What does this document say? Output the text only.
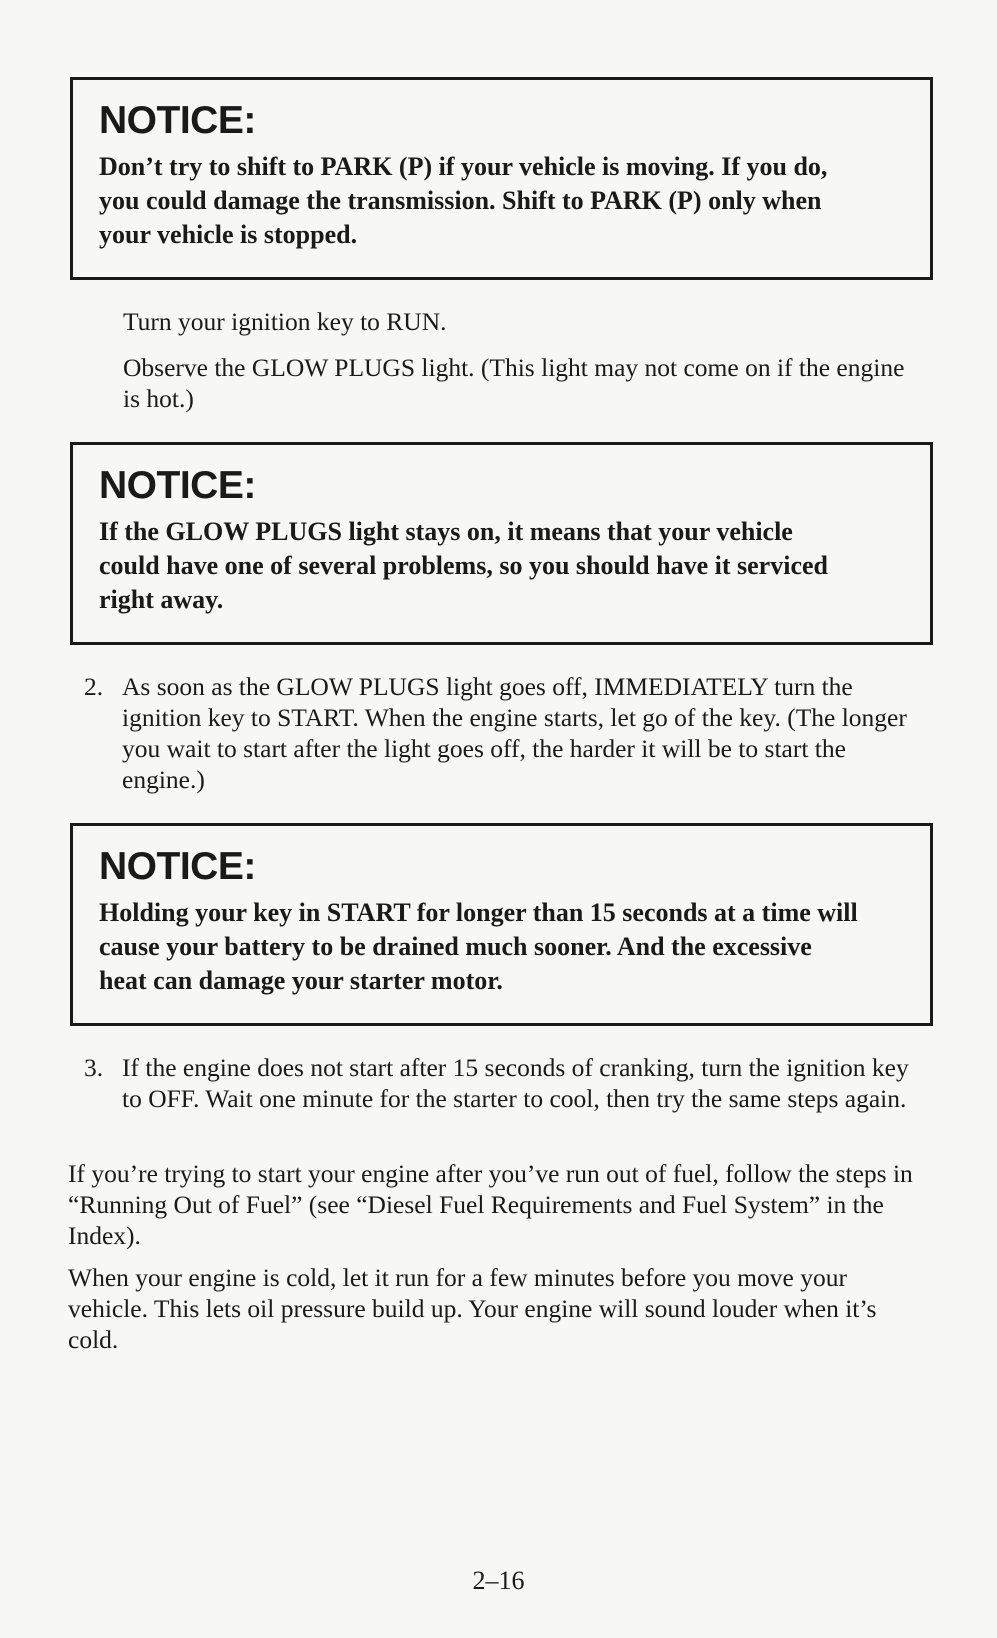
NOTICE:

Don’t try to shift to PARK (P) if your vehicle is moving. If you do, you could damage the transmission. Shift to PARK (P) only when your vehicle is stopped.

Turn your ignition key to RUN.

Observe the GLOW PLUGS light. (This light may not come on if the engine is hot.)

NOTICE:

If the GLOW PLUGS light stays on, it means that your vehicle could have one of several problems, so you should have it serviced right away.

2. As soon as the GLOW PLUGS light goes off, IMMEDIATELY turn the ignition key to START. When the engine starts, let go of the key. (The longer you wait to start after the light goes off, the harder it will be to start the engine.)
NOTICE:

Holding your key in START for longer than 15 seconds at a time will cause your battery to be drained much sooner. And the excessive heat can damage your starter motor.

3. If the engine does not start after 15 seconds of cranking, turn the ignition key to OFF. Wait one minute for the starter to cool, then try the same steps again.

If you’re trying to start your engine after you’ve run out of fuel, follow the steps in “Running Out of Fuel” (see “Diesel Fuel Requirements and Fuel System” in the Index).

When your engine is cold, let it run for a few minutes before you move your vehicle. This lets oil pressure build up. Your engine will sound louder when it’s cold.

2–16
